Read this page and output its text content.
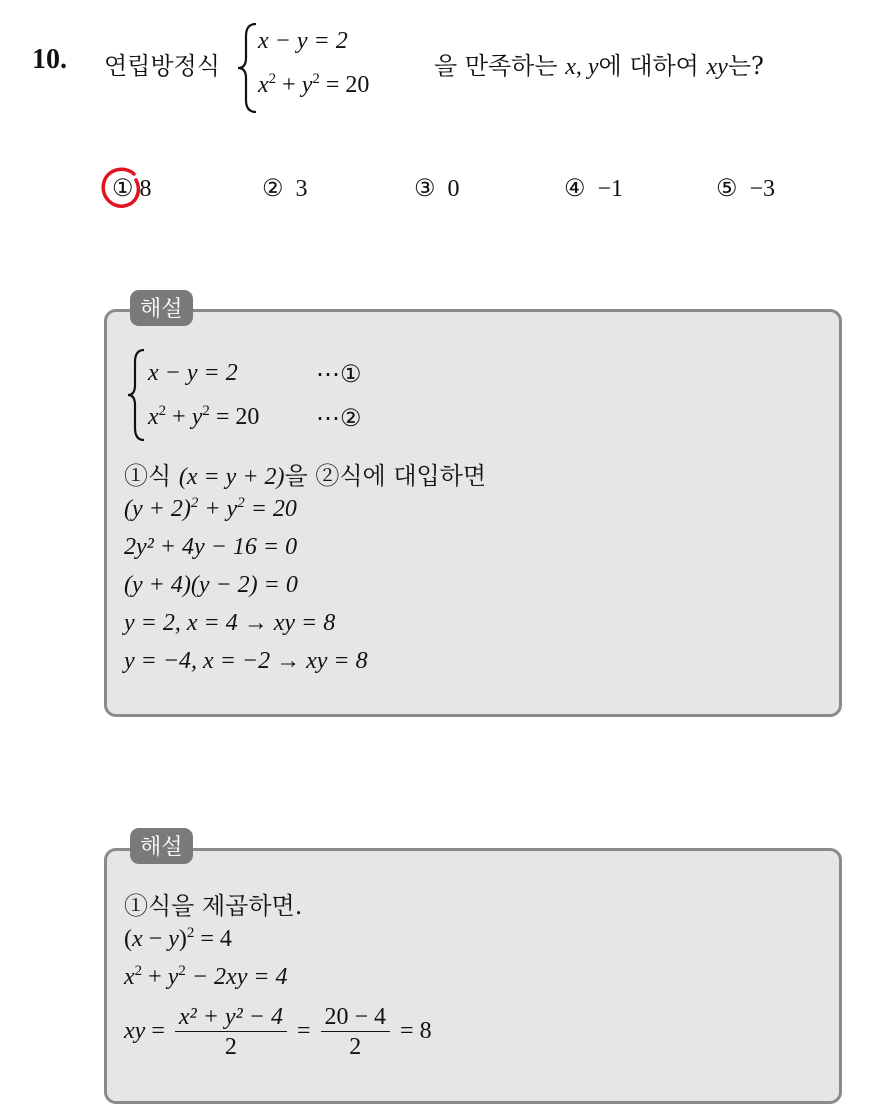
10. 연립방정식
x − y = 2
$x^2 + y^2 = 20$
을 만족하는 x, y에 대하여 xy는?
① 8	② 3	③ 0	④ −1	⑤ −3
해설
x − y = 2	⋯①
$x^2 + y^2 = 20$ ⋯②
①식 (x = y + 2)을 ②식에 대입하면
$(y + 2)^2 + y^2 = 20$
2y² + 4y − 16 = 0
(y + 4)(y − 2) = 0
y = 2, x = 4 → xy = 8
y = −4, x = −2 → xy = 8
해설
①식을 제곱하면.
$(x - y)^2 = 4$
$x^2 + y^2 - 2xy = 4$
xy = $\frac{\text{x² + y² − 4}}{2} = \frac{20 - 4}{2} = 8$
